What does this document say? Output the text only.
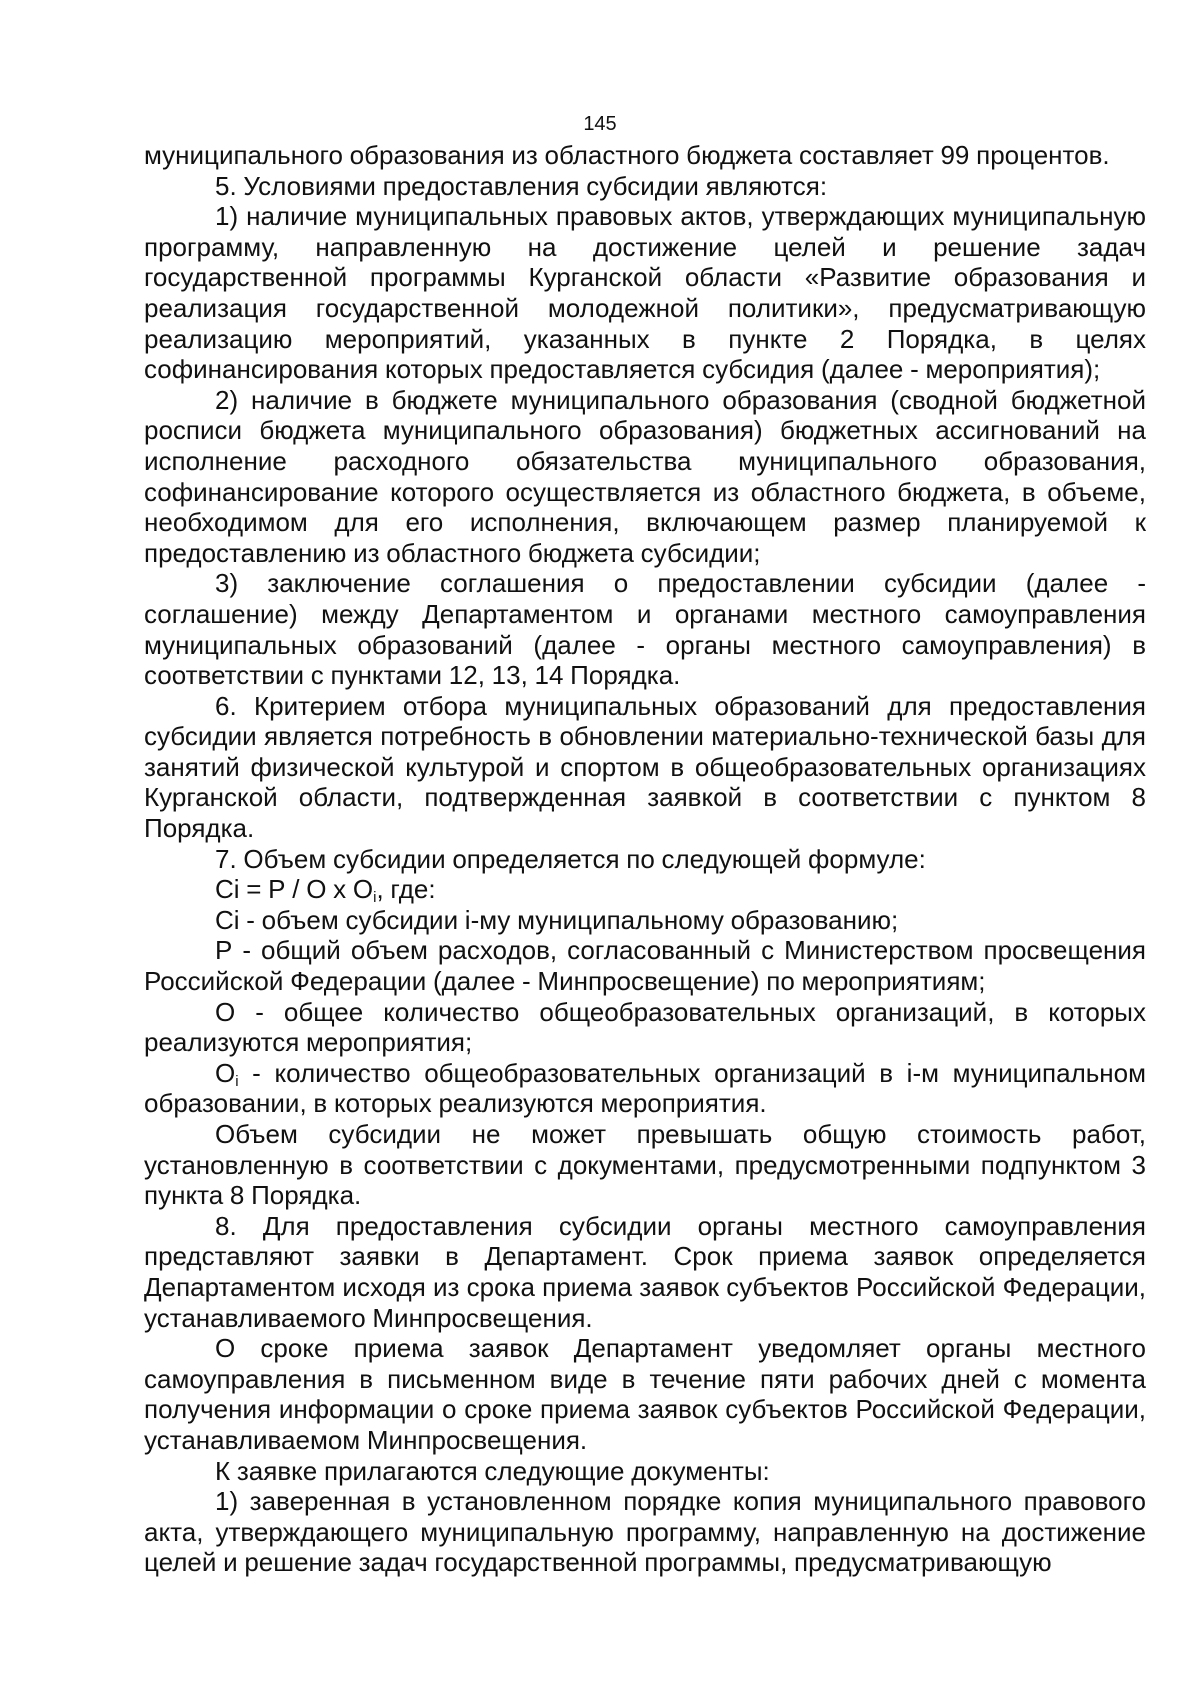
145

муниципального образования из областного бюджета составляет 99 процентов.

5. Условиями предоставления субсидии являются:

1) наличие муниципальных правовых актов, утверждающих муниципальную программу, направленную на достижение целей и решение задач государственной программы Курганской области «Развитие образования и реализация государственной молодежной политики», предусматривающую реализацию мероприятий, указанных в пункте 2 Порядка, в целях софинансирования которых предоставляется субсидия (далее - мероприятия);

2) наличие в бюджете муниципального образования (сводной бюджетной росписи бюджета муниципального образования) бюджетных ассигнований на исполнение расходного обязательства муниципального образования, софинансирование которого осуществляется из областного бюджета, в объеме, необходимом для его исполнения, включающем размер планируемой к предоставлению из областного бюджета субсидии;

3) заключение соглашения о предоставлении субсидии (далее - соглашение) между Департаментом и органами местного самоуправления муниципальных образований (далее - органы местного самоуправления) в соответствии с пунктами 12, 13, 14 Порядка.

6. Критерием отбора муниципальных образований для предоставления субсидии является потребность в обновлении материально-технической базы для занятий физической культурой и спортом в общеобразовательных организациях Курганской области, подтвержденная заявкой в соответствии с пунктом 8 Порядка.

7. Объем субсидии определяется по следующей формуле:

Сi = Р / О х $О_i$, где:

Сi - объем субсидии i-му муниципальному образованию;

Р - общий объем расходов, согласованный с Министерством просвещения Российской Федерации (далее - Минпросвещение) по мероприятиям;

О - общее количество общеобразовательных организаций, в которых реализуются мероприятия;

$О_i$ - количество общеобразовательных организаций в i-м муниципальном образовании, в которых реализуются мероприятия.

Объем субсидии не может превышать общую стоимость работ, установленную в соответствии с документами, предусмотренными подпунктом 3 пункта 8 Порядка.

8. Для предоставления субсидии органы местного самоуправления представляют заявки в Департамент. Срок приема заявок определяется Департаментом исходя из срока приема заявок субъектов Российской Федерации, устанавливаемого Минпросвещения.

О сроке приема заявок Департамент уведомляет органы местного самоуправления в письменном виде в течение пяти рабочих дней с момента получения информации о сроке приема заявок субъектов Российской Федерации, устанавливаемом Минпросвещения.

К заявке прилагаются следующие документы:

1) заверенная в установленном порядке копия муниципального правового акта, утверждающего муниципальную программу, направленную на достижение целей и решение задач государственной программы, предусматривающую
